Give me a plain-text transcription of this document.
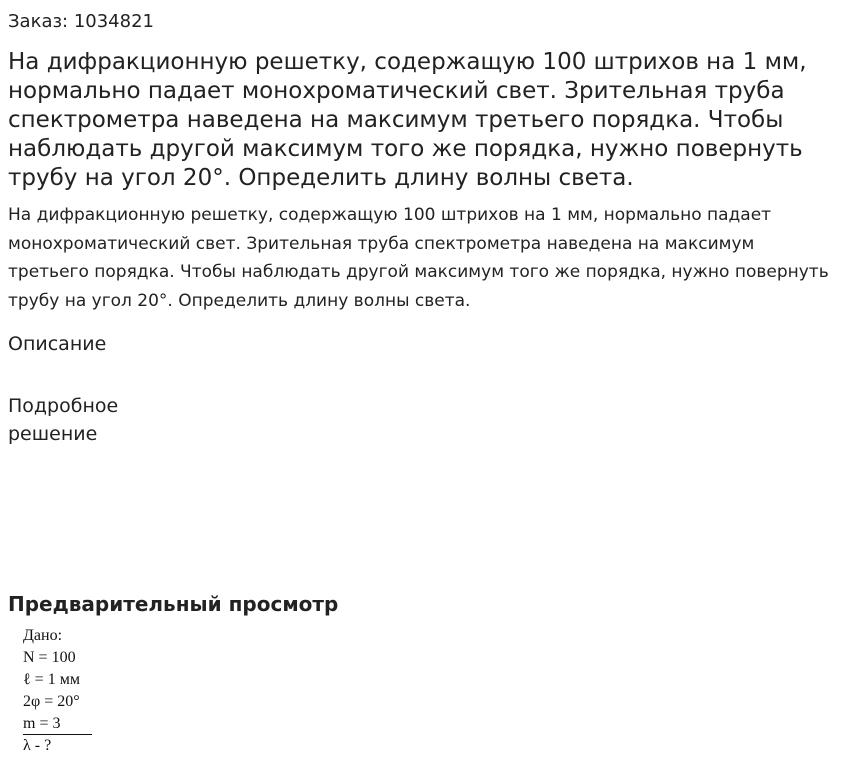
Заказ: 1034821
На дифракционную решетку, содержащую 100 штрихов на 1 мм, нормально падает монохроматический свет. Зрительная труба спектрометра наведена на максимум третьего порядка. Чтобы наблюдать другой максимум того же порядка, нужно повернуть трубу на угол 20°. Определить длину волны света.

На дифракционную решетку, содержащую 100 штрихов на 1 мм, нормально падает монохроматический свет. Зрительная труба спектрометра наведена на максимум третьего порядка. Чтобы наблюдать другой максимум того же порядка, нужно повернуть трубу на угол 20°. Определить длину волны света.

Описание
Подробное решение
Предварительный просмотр
Дано:
N = 100
ℓ = 1 мм
2φ = 20°
m = 3
λ - ?
